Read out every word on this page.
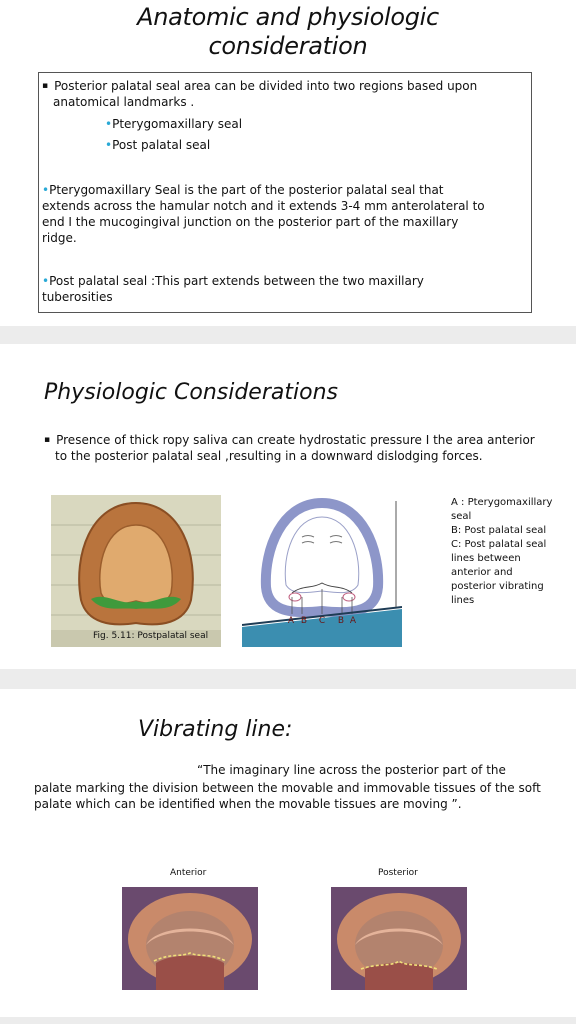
Anatomic and physiologic
consideration
▪ Posterior palatal seal area can be divided into two regions based upon
anatomical landmarks .
•Pterygomaxillary seal
•Post palatal seal
•Pterygomaxillary Seal is the part of the posterior palatal seal that
extends across the hamular notch and it extends 3-4 mm anterolateral to
end I the mucogingival junction on the posterior part of the maxillary
ridge.
•Post palatal seal :This part extends between the two maxillary
tuberosities
Physiologic Considerations
▪ Presence of thick ropy saliva can create hydrostatic pressure I the area anterior
to the posterior palatal seal ,resulting in a downward dislodging forces.
Fig. 5.11: Postpalatal seal
A B C B A
A : Pterygomaxillary
seal
B: Post palatal seal
C: Post palatal seal
lines between
anterior and
posterior vibrating
lines
Vibrating line:
“The imaginary line across the posterior part of the
palate marking the division between the movable and immovable tissues of the soft
palate which can be identified when the movable tissues are moving ”.
Anterior	Posterior
